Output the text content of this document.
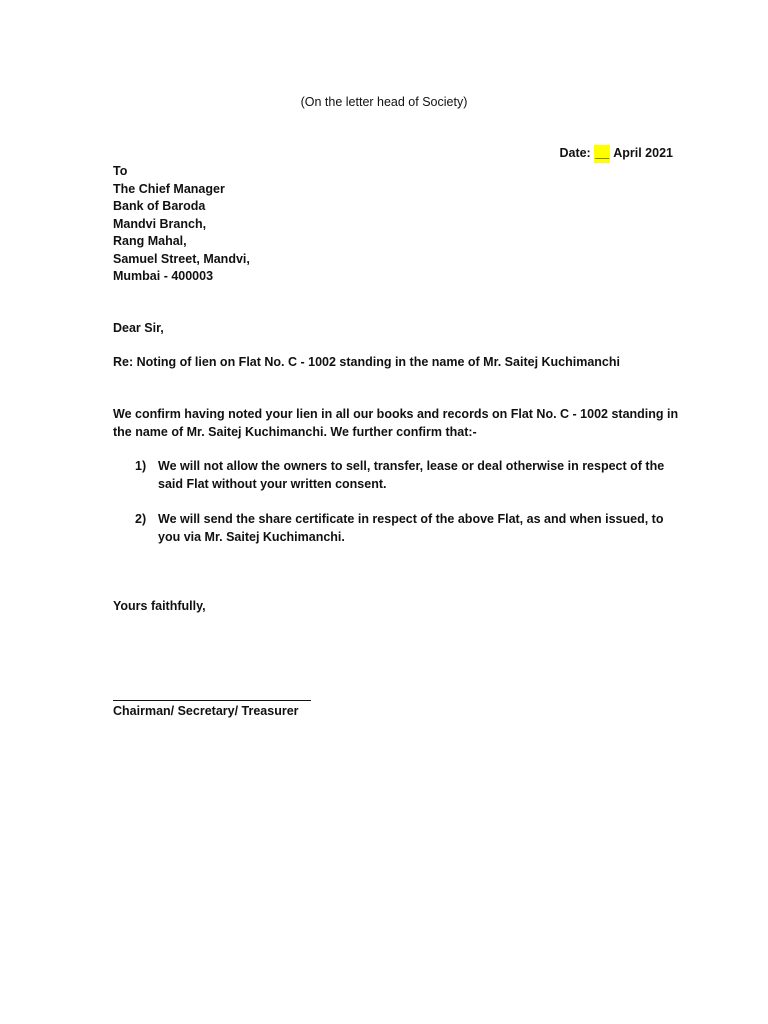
(On the letter head of Society)
Date: __ April 2021
To
The Chief Manager
Bank of Baroda
Mandvi Branch,
Rang Mahal,
Samuel Street, Mandvi,
Mumbai - 400003
Dear Sir,
Re: Noting of lien on Flat No. C - 1002 standing in the name of Mr. Saitej Kuchimanchi
We confirm having noted your lien in all our books and records on Flat No. C - 1002 standing in
the name of Mr. Saitej Kuchimanchi. We further confirm that:-
1) We will not allow the owners to sell, transfer, lease or deal otherwise in respect of the
said Flat without your written consent.
2) We will send the share certificate in respect of the above Flat, as and when issued, to
you via Mr. Saitej Kuchimanchi.
Yours faithfully,
Chairman/ Secretary/ Treasurer
